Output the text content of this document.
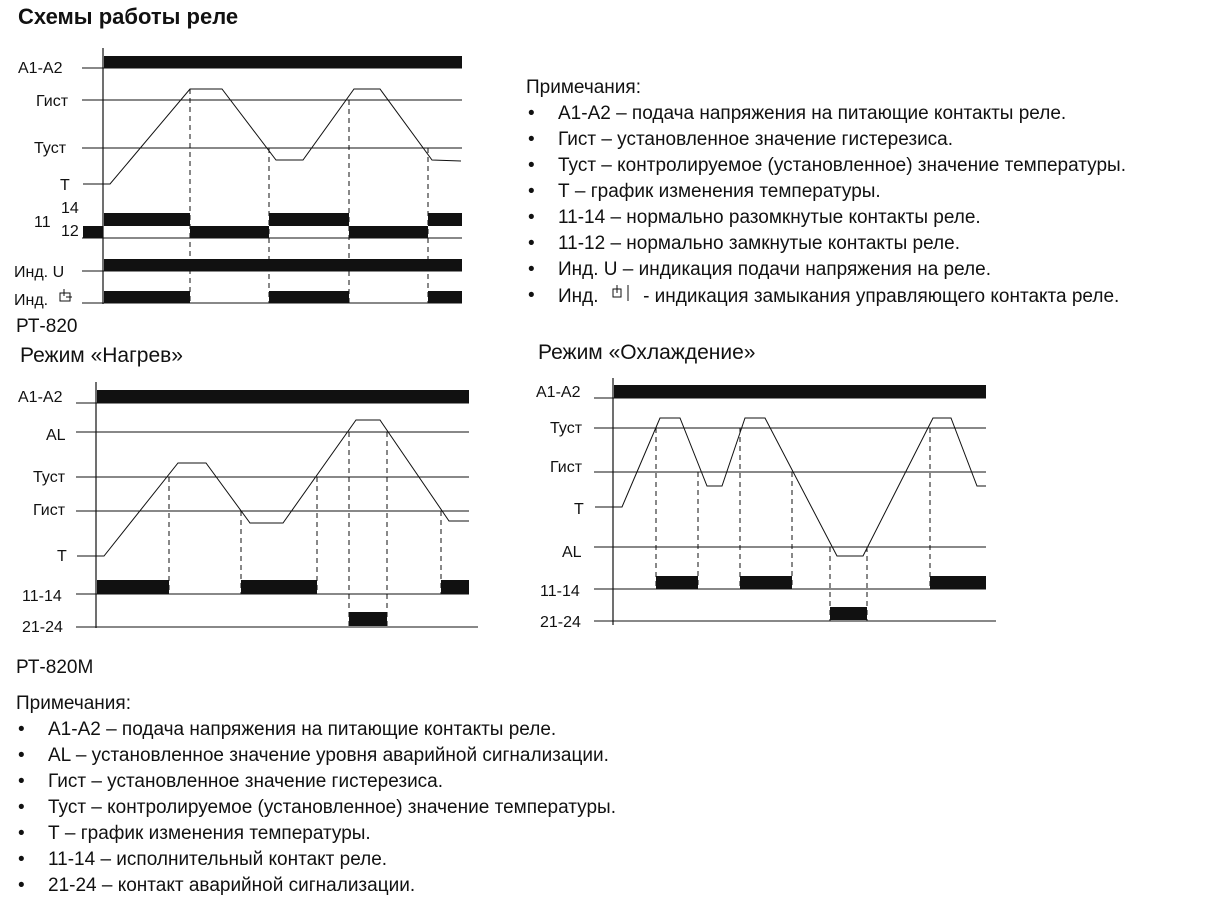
Схемы работы реле
А1-А2
Гист
Туст
Т
11
14
12
Инд. U
Инд.
А1-А2
AL
Туст
Гист
Т
11-14
21-24
А1-А2
Туст
Гист
Т
AL
11-14
21-24
РТ-820
Режим «Нагрев»	Режим «Охлаждение»
Примечания:
• А1-А2 – подача напряжения на питающие контакты реле.
• Гист – установленное значение гистерезиса.
• Туст – контролируемое (установленное) значение температуры.
• Т – график изменения температуры.
• 11-14 – нормально разомкнутые контакты реле.
• 11-12 – нормально замкнутые контакты реле.
• Инд. U – индикация подачи напряжения на реле.
• Инд. - индикация замыкания управляющего контакта реле.
РТ-820М
Примечания:
• А1-А2 – подача напряжения на питающие контакты реле.
• AL – установленное значение уровня аварийной сигнализации.
• Гист – установленное значение гистерезиса.
• Туст – контролируемое (установленное) значение температуры.
• Т – график изменения температуры.
• 11-14 – исполнительный контакт реле.
• 21-24 – контакт аварийной сигнализации.
